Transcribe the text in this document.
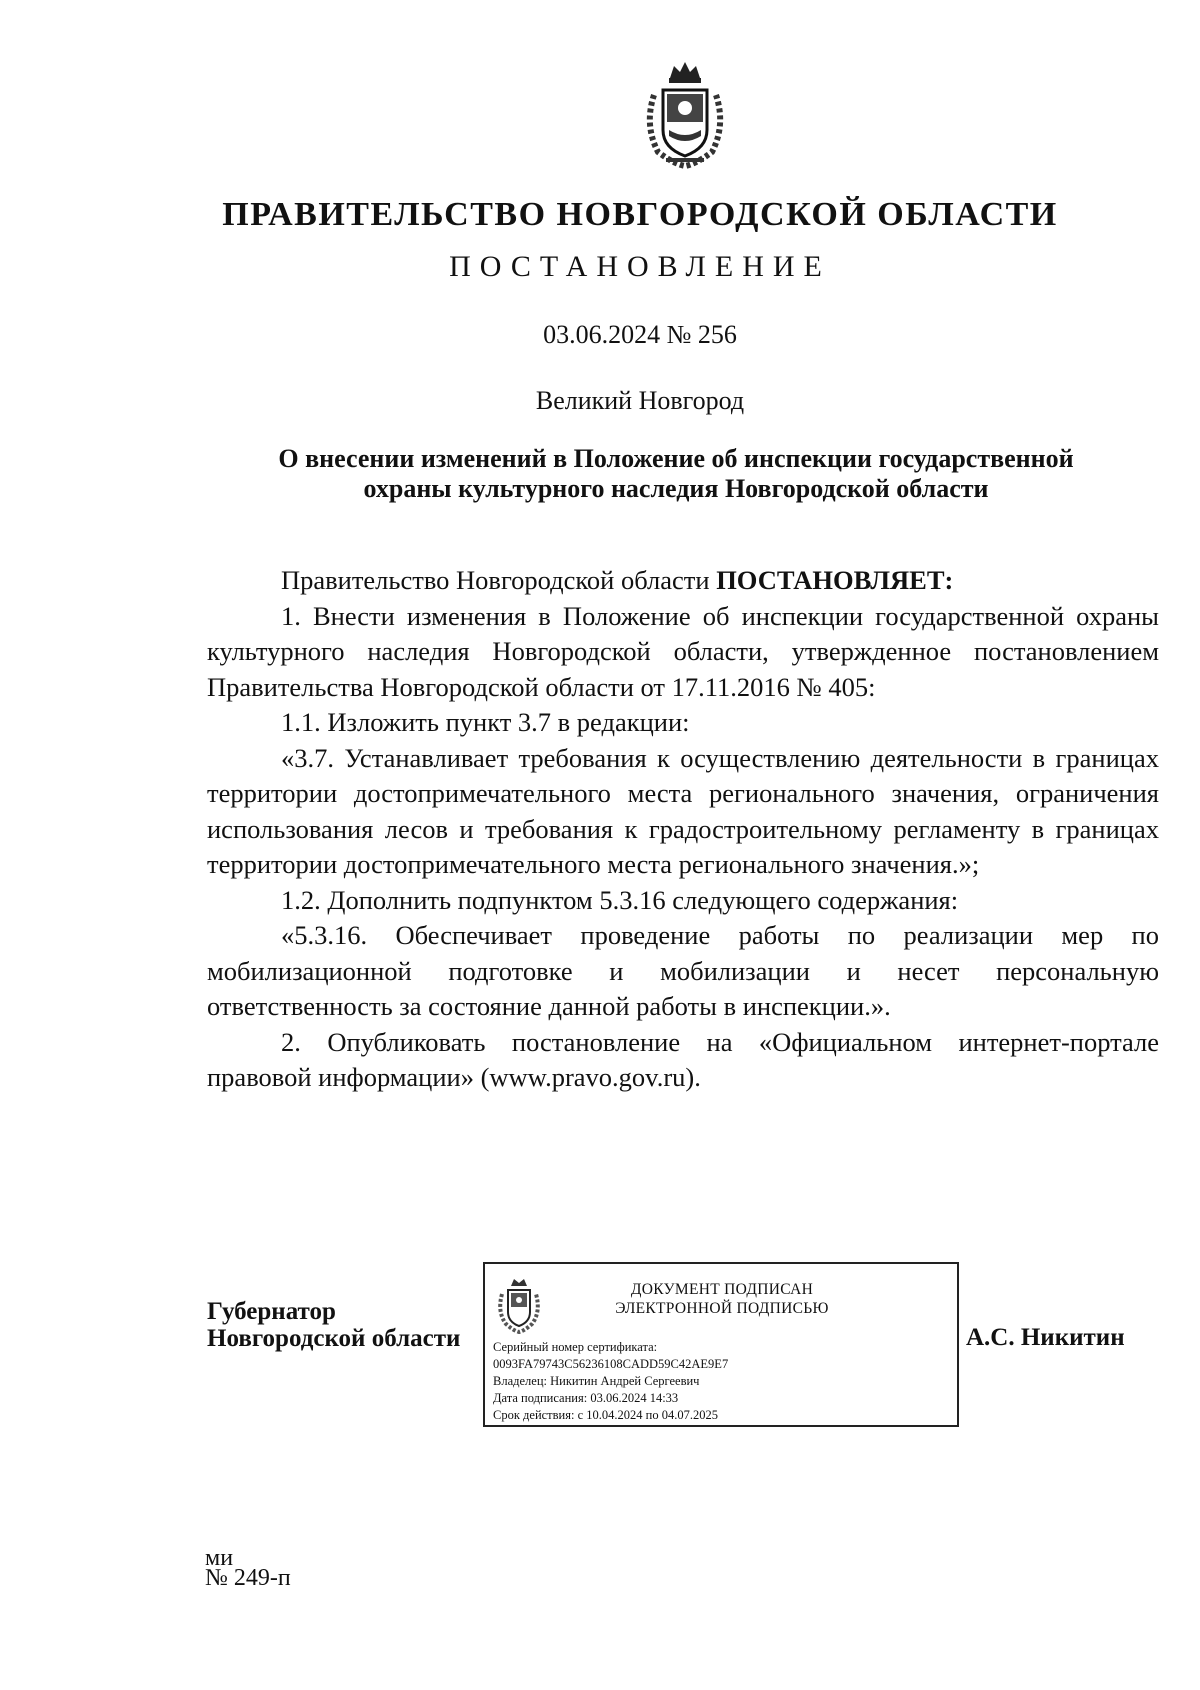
ПРАВИТЕЛЬСТВО НОВГОРОДСКОЙ ОБЛАСТИ
ПОСТАНОВЛЕНИЕ
03.06.2024 № 256
Великий Новгород
О внесении изменений в Положение об инспекции государственной
охраны культурного наследия Новгородской области

Правительство Новгородской области ПОСТАНОВЛЯЕТ:

1. Внести изменения в Положение об инспекции государственной охраны культурного наследия Новгородской области, утвержденное постановлением Правительства Новгородской области от 17.11.2016 № 405:

1.1. Изложить пункт 3.7 в редакции:

«3.7. Устанавливает требования к осуществлению деятельности в границах территории достопримечательного места регионального значения, ограничения использования лесов и требования к градостроительному регламенту в границах территории достопримечательного места регионального значения.»;

1.2. Дополнить подпунктом 5.3.16 следующего содержания:

«5.3.16. Обеспечивает проведение работы по реализации мер по мобилизационной подготовке и мобилизации и несет персональную ответственность за состояние данной работы в инспекции.».

2. Опубликовать постановление на «Официальном интернет-портале правовой информации» (www.pravo.gov.ru).

Губернатор
Новгородской области
ДОКУМЕНТ ПОДПИСАН
ЭЛЕКТРОННОЙ ПОДПИСЬЮ
Серийный номер сертификата:
0093FA79743C56236108CADD59C42AE9E7
Владелец: Никитин Андрей Сергеевич
Дата подписания: 03.06.2024 14:33
Срок действия: с 10.04.2024 по 04.07.2025
А.С. Никитин
ми
№ 249-п
